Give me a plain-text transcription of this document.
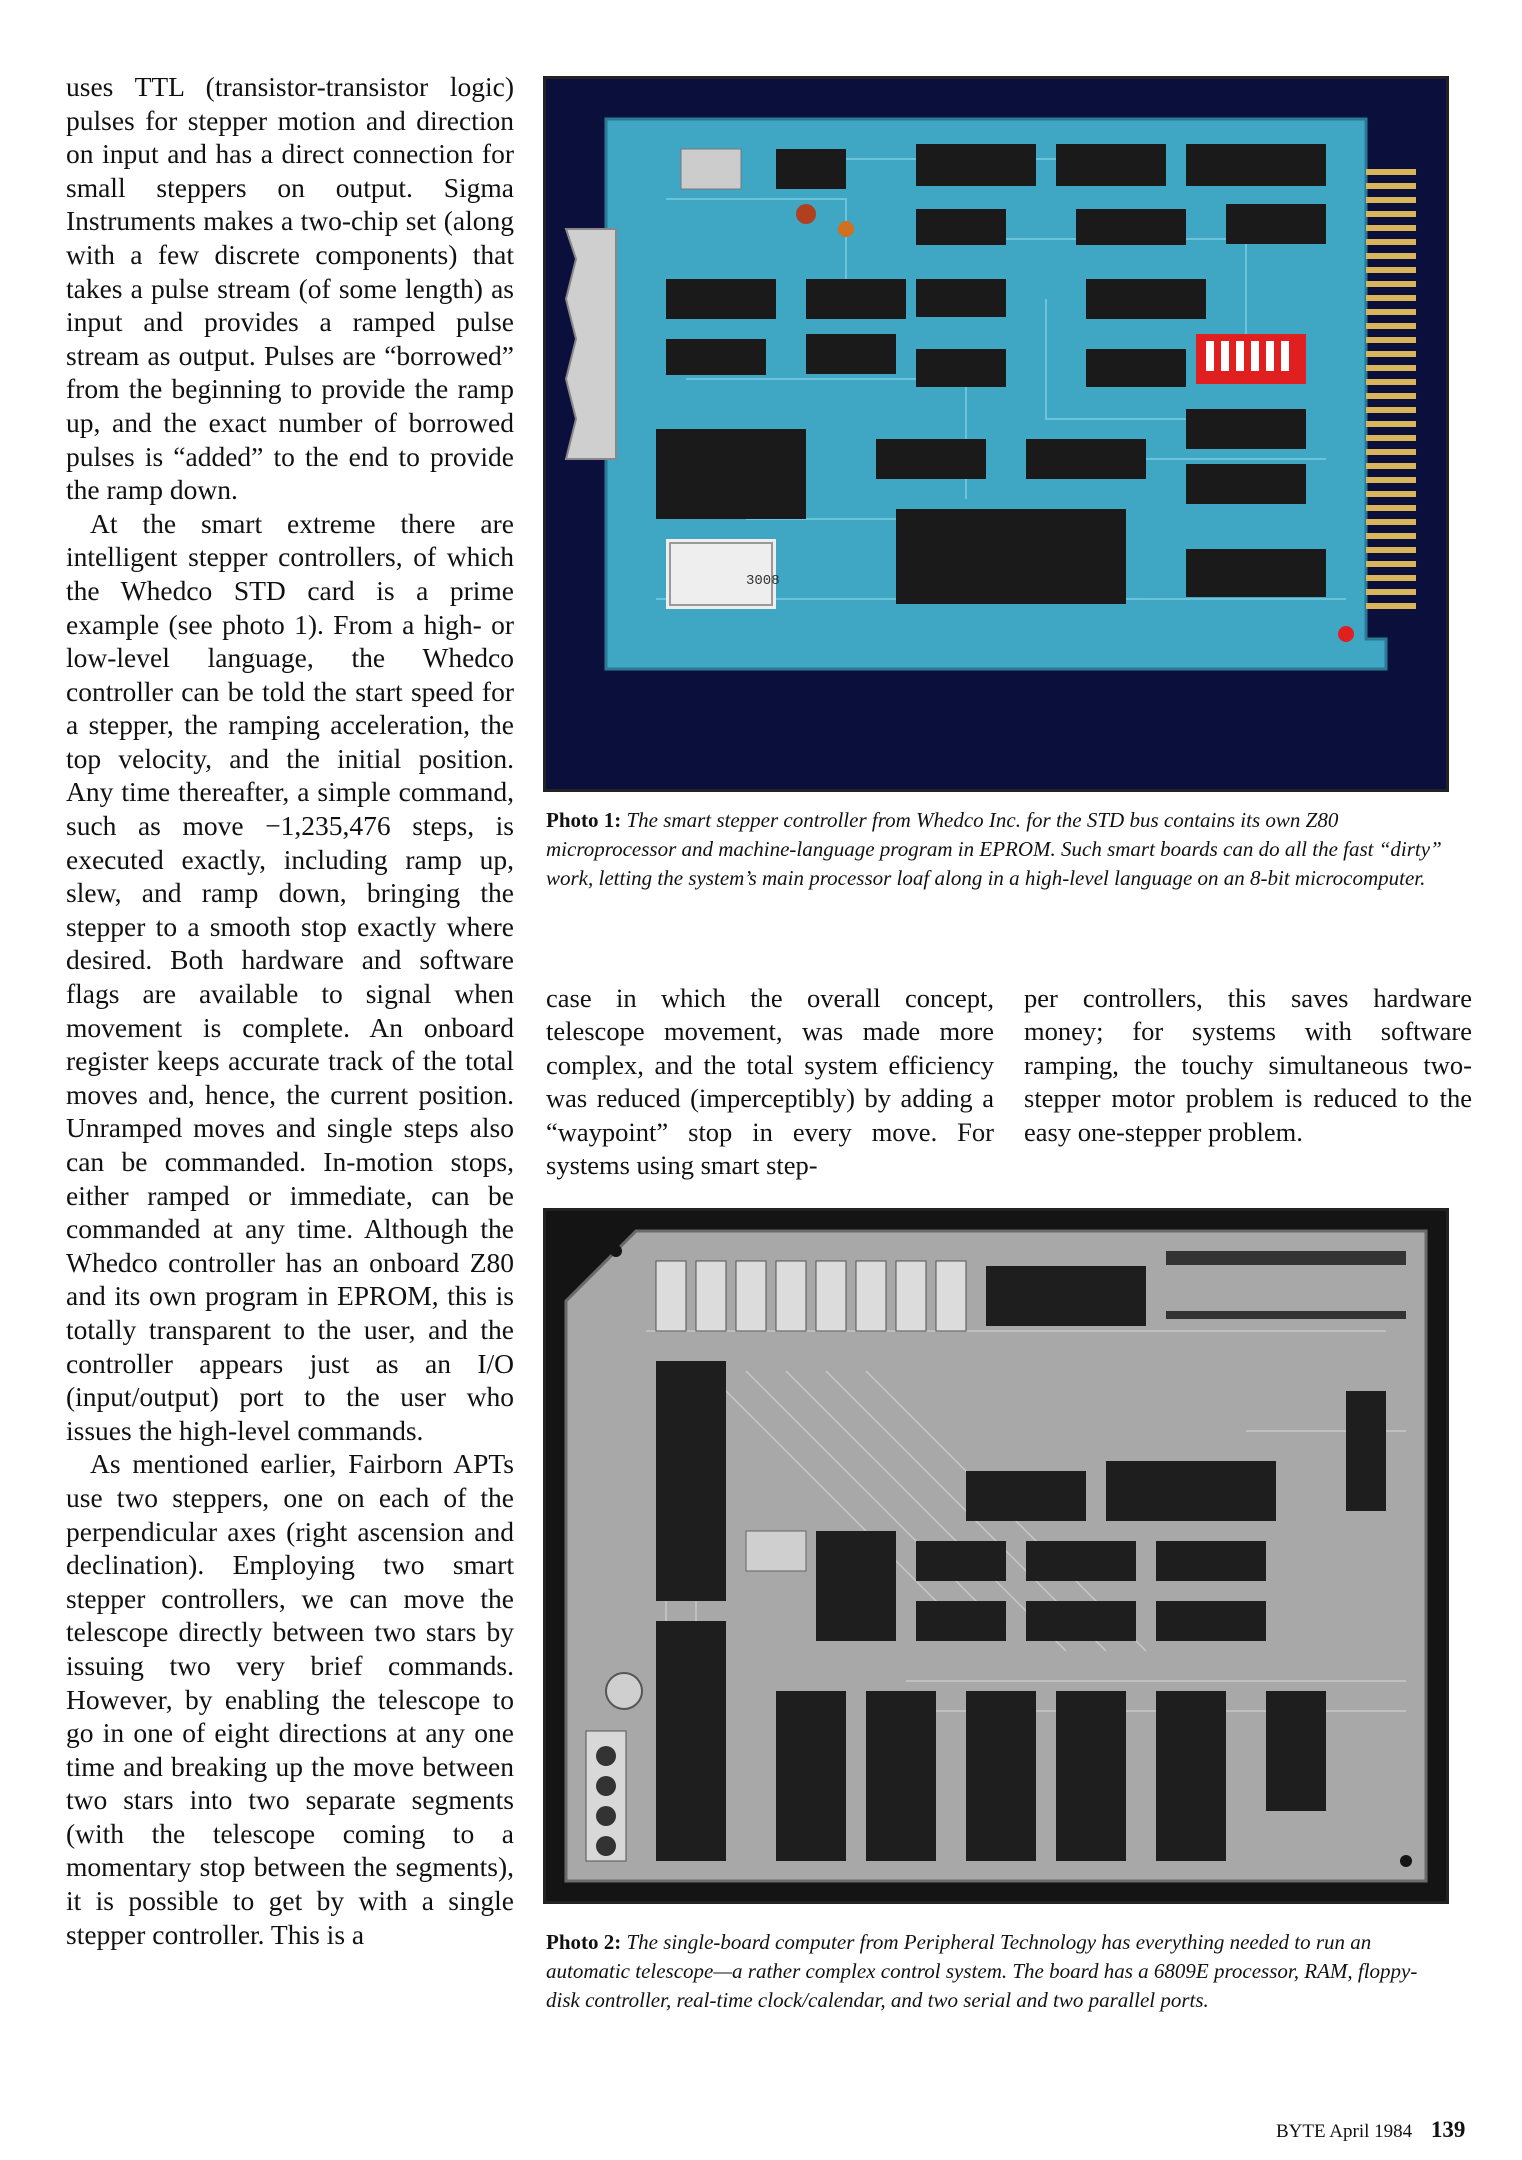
uses TTL (transistor-transistor logic) pulses for stepper motion and direction on input and has a direct connection for small steppers on output. Sigma Instruments makes a two-chip set (along with a few discrete components) that takes a pulse stream (of some length) as input and provides a ramped pulse stream as output. Pulses are “borrowed” from the beginning to provide the ramp up, and the exact number of borrowed pulses is “added” to the end to provide the ramp down.

At the smart extreme there are intelligent stepper controllers, of which the Whedco STD card is a prime example (see photo 1). From a high- or low-level language, the Whedco controller can be told the start speed for a stepper, the ramping acceleration, the top velocity, and the initial position. Any time thereafter, a simple command, such as move −1,235,476 steps, is executed exactly, including ramp up, slew, and ramp down, bringing the stepper to a smooth stop exactly where desired. Both hardware and software flags are available to signal when movement is complete. An onboard register keeps accurate track of the total moves and, hence, the current position. Unramped moves and single steps also can be commanded. In-motion stops, either ramped or immediate, can be commanded at any time. Although the Whedco controller has an onboard Z80 and its own program in EPROM, this is totally transparent to the user, and the controller appears just as an I/O (input/output) port to the user who issues the high-level commands.

As mentioned earlier, Fairborn APTs use two steppers, one on each of the perpendicular axes (right ascension and declination). Employing two smart stepper controllers, we can move the telescope directly between two stars by issuing two very brief commands. However, by enabling the telescope to go in one of eight directions at any one time and breaking up the move between two stars into two separate segments (with the telescope coming to a momentary stop between the segments), it is possible to get by with a single stepper controller. This is a

3008
Photo 1: The smart stepper controller from Whedco Inc. for the STD bus contains its own Z80 microprocessor and machine-language program in EPROM. Such smart boards can do all the fast “dirty” work, letting the system’s main processor loaf along in a high-level language on an 8-bit microcomputer.

case in which the overall concept, telescope movement, was made more complex, and the total system efficiency was reduced (imperceptibly) by adding a “waypoint” stop in every move. For systems using smart step-

per controllers, this saves hardware money; for systems with software ramping, the touchy simultaneous two-stepper motor problem is reduced to the easy one-stepper problem.

Photo 2: The single-board computer from Peripheral Technology has everything needed to run an automatic telescope—a rather complex control system. The board has a 6809E processor, RAM, floppy-disk controller, real-time clock/calendar, and two serial and two parallel ports.
BYTE April 1984 139
